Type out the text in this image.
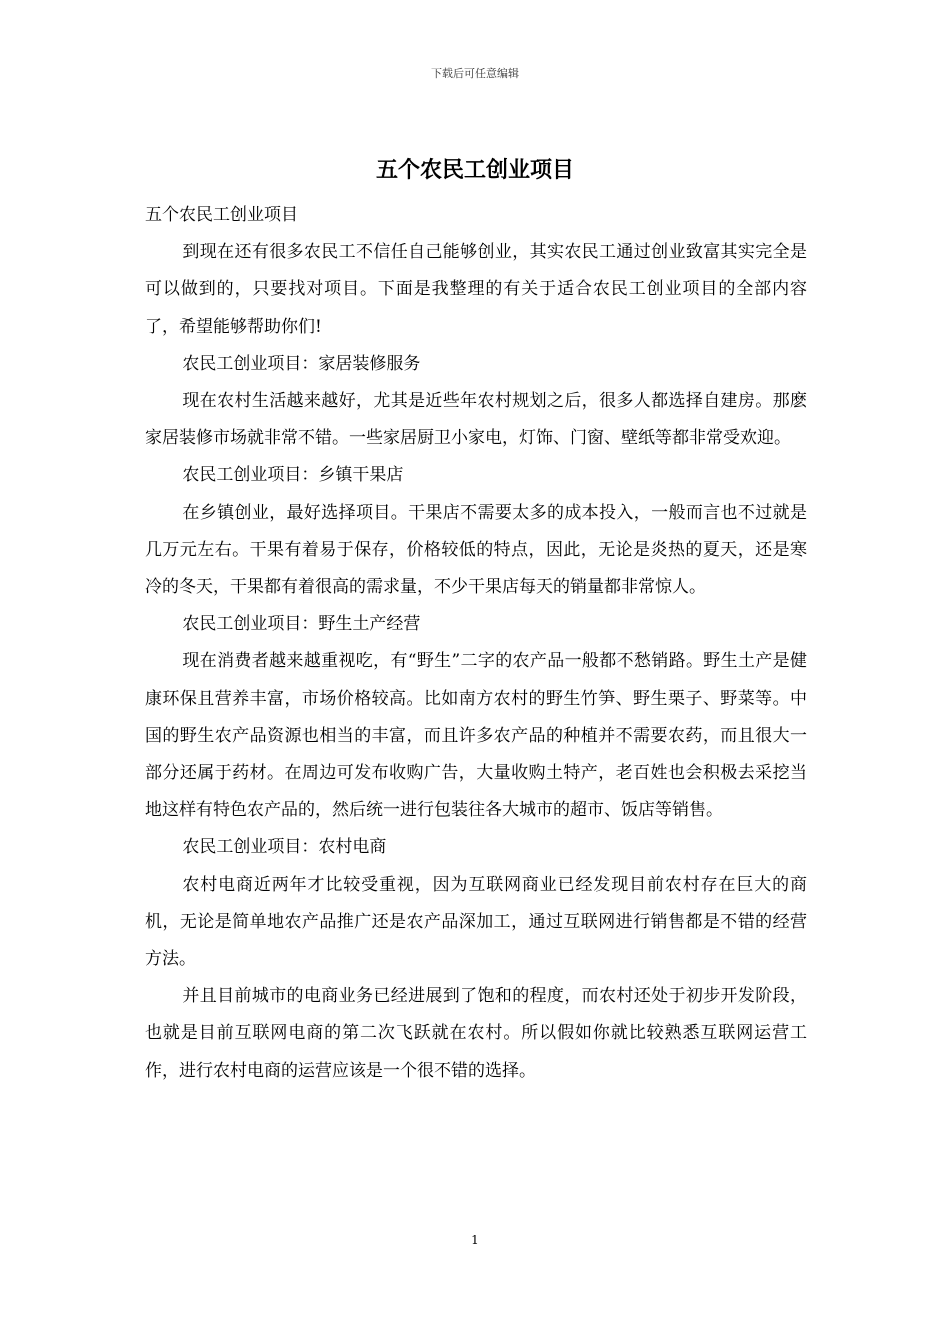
下载后可任意编辑
五个农民工创业项目

五个农民工创业项目

到现在还有很多农民工不信任自己能够创业，其实农民工通过创业致富其实完全是可以做到的，只要找对项目。下面是我整理的有关于适合农民工创业项目的全部内容了，希望能够帮助你们!

农民工创业项目：家居装修服务

现在农村生活越来越好，尤其是近些年农村规划之后，很多人都选择自建房。那麽家居装修市场就非常不错。一些家居厨卫小家电，灯饰、门窗、壁纸等都非常受欢迎。

农民工创业项目：乡镇干果店

在乡镇创业，最好选择项目。干果店不需要太多的成本投入，一般而言也不过就是几万元左右。干果有着易于保存，价格较低的特点，因此，无论是炎热的夏天，还是寒冷的冬天，干果都有着很高的需求量，不少干果店每天的销量都非常惊人。

农民工创业项目：野生土产经营

现在消费者越来越重视吃，有“野生”二字的农产品一般都不愁销路。野生土产是健康环保且营养丰富，市场价格较高。比如南方农村的野生竹笋、野生栗子、野菜等。中国的野生农产品资源也相当的丰富，而且许多农产品的种植并不需要农药，而且很大一部分还属于药材。在周边可发布收购广告，大量收购土特产，老百姓也会积极去采挖当地这样有特色农产品的，然后统一进行包装往各大城市的超市、饭店等销售。

农民工创业项目：农村电商

农村电商近两年才比较受重视，因为互联网商业已经发现目前农村存在巨大的商机，无论是简单地农产品推广还是农产品深加工，通过互联网进行销售都是不错的经营方法。

并且目前城市的电商业务已经进展到了饱和的程度，而农村还处于初步开发阶段，也就是目前互联网电商的第二次飞跃就在农村。所以假如你就比较熟悉互联网运营工作，进行农村电商的运营应该是一个很不错的选择。

1
